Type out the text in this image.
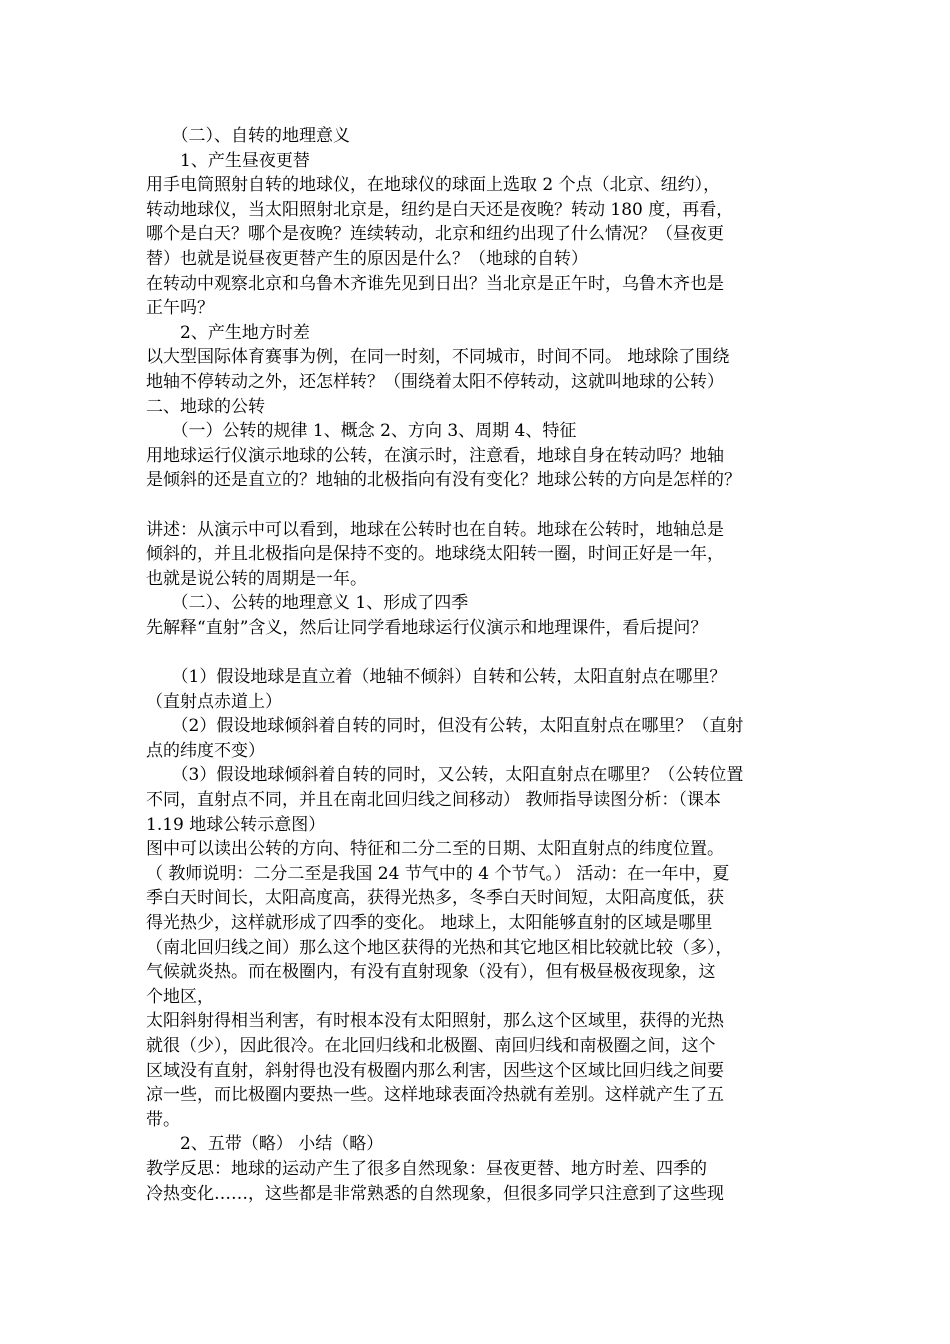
　　（二）、自转的地理意义
　　1、产生昼夜更替
用手电筒照射自转的地球仪，在地球仪的球面上选取 2 个点（北京、纽约），
转动地球仪，当太阳照射北京是，纽约是白天还是夜晚？转动 180 度，再看，
哪个是白天？哪个是夜晚？连续转动，北京和纽约出现了什么情况？（昼夜更
替）也就是说昼夜更替产生的原因是什么？（地球的自转）
在转动中观察北京和乌鲁木齐谁先见到日出？当北京是正午时，乌鲁木齐也是
正午吗？
　　2、产生地方时差
以大型国际体育赛事为例，在同一时刻，不同城市，时间不同。 地球除了围绕
地轴不停转动之外，还怎样转？（围绕着太阳不停转动，这就叫地球的公转）
二、地球的公转
　　（一）公转的规律 1、概念 2、方向 3、周期 4、特征
用地球运行仪演示地球的公转，在演示时，注意看，地球自身在转动吗？地轴
是倾斜的还是直立的？地轴的北极指向有没有变化？地球公转的方向是怎样的？
讲述：从演示中可以看到，地球在公转时也在自转。地球在公转时，地轴总是
倾斜的，并且北极指向是保持不变的。地球绕太阳转一圈，时间正好是一年，
也就是说公转的周期是一年。
　　（二）、公转的地理意义 1、形成了四季
先解释“直射”含义，然后让同学看地球运行仪演示和地理课件，看后提问？
　　（1）假设地球是直立着（地轴不倾斜）自转和公转，太阳直射点在哪里？
（直射点赤道上）
　　（2）假设地球倾斜着自转的同时，但没有公转，太阳直射点在哪里？（直射
点的纬度不变）
　　（3）假设地球倾斜着自转的同时，又公转，太阳直射点在哪里？（公转位置
不同，直射点不同，并且在南北回归线之间移动） 教师指导读图分析：（课本
1.19 地球公转示意图）
图中可以读出公转的方向、特征和二分二至的日期、太阳直射点的纬度位置。
（ 教师说明：二分二至是我国 24 节气中的 4 个节气。） 活动：在一年中，夏
季白天时间长，太阳高度高，获得光热多，冬季白天时间短，太阳高度低，获
得光热少，这样就形成了四季的变化。 地球上，太阳能够直射的区域是哪里
（南北回归线之间）那么这个地区获得的光热和其它地区相比较就比较（多），
气候就炎热。而在极圈内，有没有直射现象（没有），但有极昼极夜现象，这
个地区，
太阳斜射得相当利害，有时根本没有太阳照射，那么这个区域里，获得的光热
就很（少），因此很冷。在北回归线和北极圈、南回归线和南极圈之间，这个
区域没有直射，斜射得也没有极圈内那么利害，因些这个区域比回归线之间要
凉一些，而比极圈内要热一些。这样地球表面冷热就有差别。这样就产生了五
带。
　　2、五带（略） 小结（略）
教学反思：地球的运动产生了很多自然现象：昼夜更替、地方时差、四季的
冷热变化……，这些都是非常熟悉的自然现象，但很多同学只注意到了这些现
